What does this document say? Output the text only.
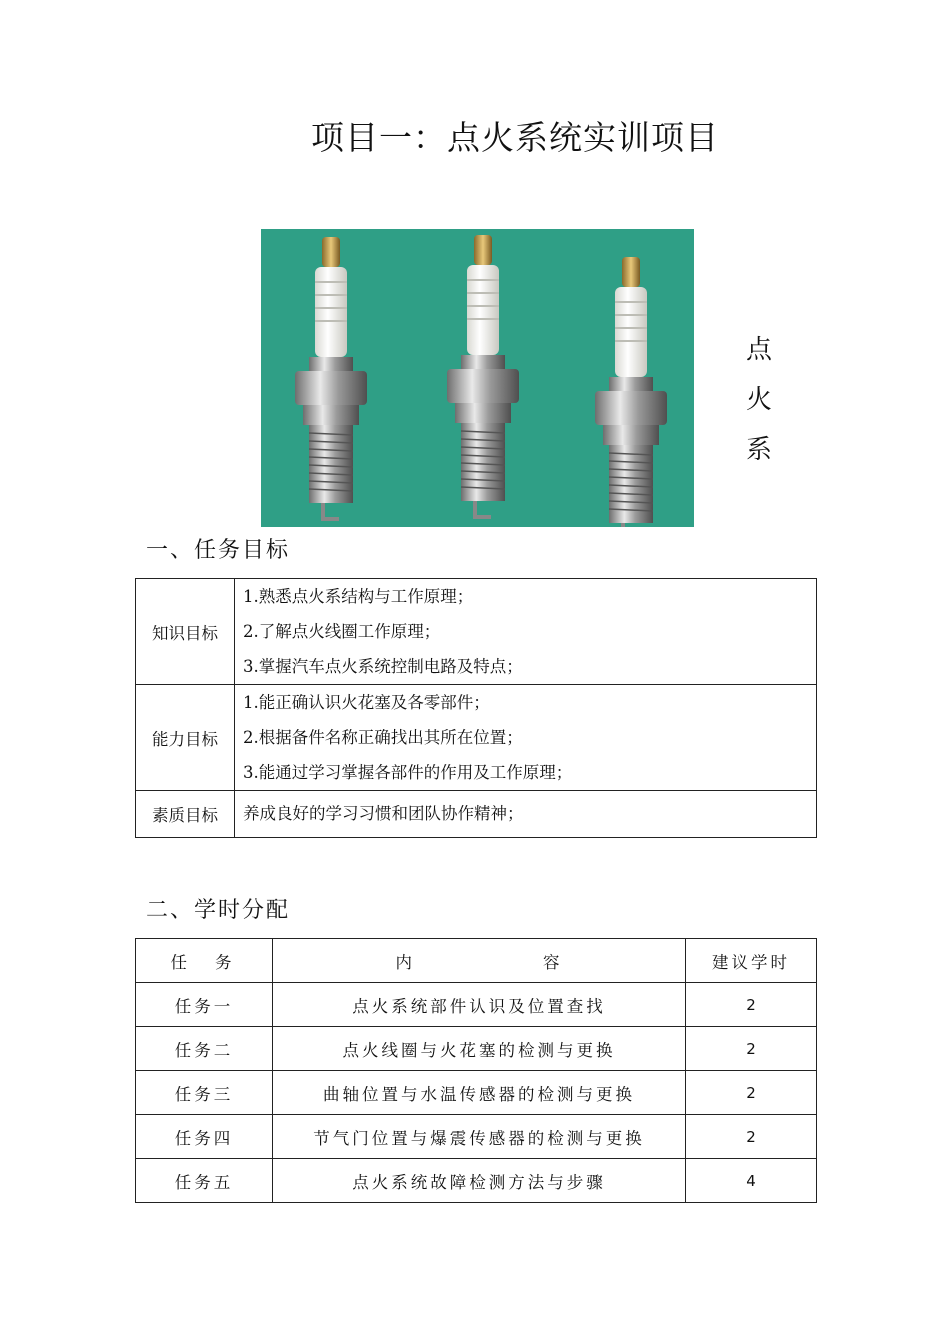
项目一：点火系统实训项目
点
火
系
一、任务目标
知识目标	1.熟悉点火系结构与工作原理；
2.了解点火线圈工作原理；
3.掌握汽车点火系统控制电路及特点；

能力目标	1.能正确认识火花塞及各零部件；
2.根据备件名称正确找出其所在位置；
3.能通过学习掌握各部件的作用及工作原理；

素质目标	养成良好的学习习惯和团队协作精神；
二、学时分配
任务	内 容	建议学时
任务一	点火系统部件认识及位置查找	2
任务二	点火线圈与火花塞的检测与更换	2
任务三	曲轴位置与水温传感器的检测与更换	2
任务四	节气门位置与爆震传感器的检测与更换	2
任务五	点火系统故障检测方法与步骤	4
